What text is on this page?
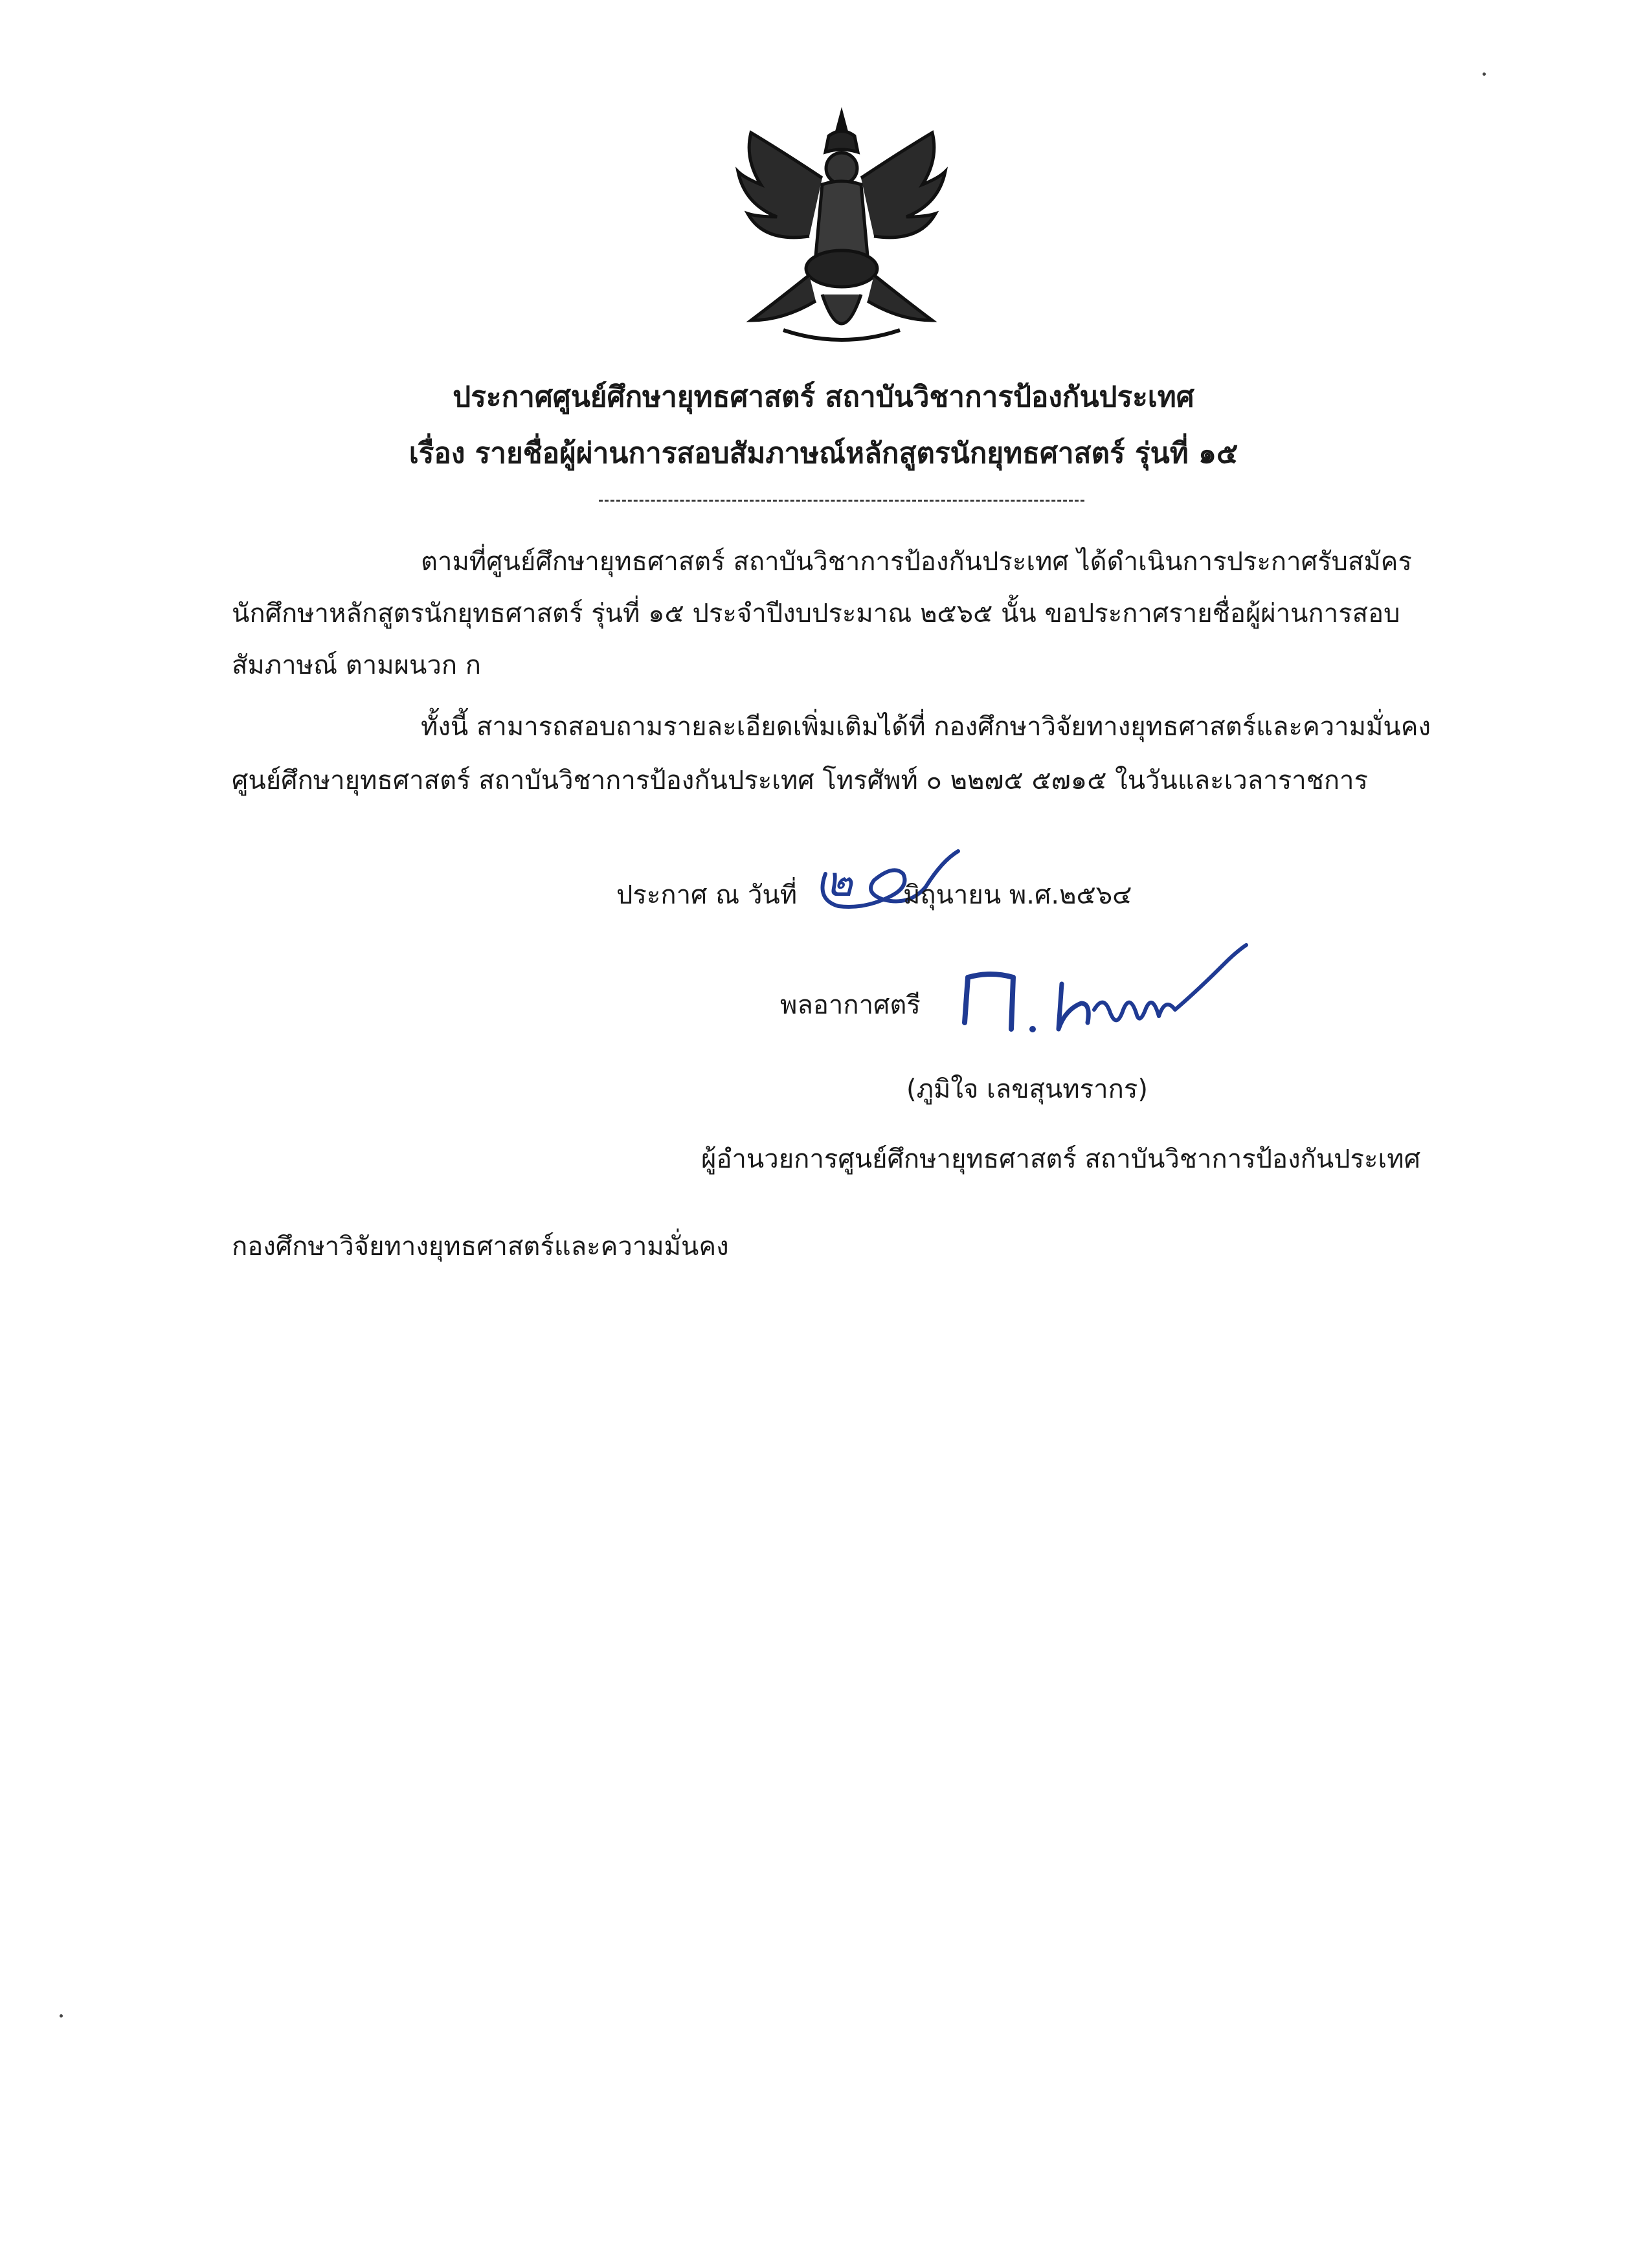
ประกาศศูนย์ศึกษายุทธศาสตร์ สถาบันวิชาการป้องกันประเทศ
เรื่อง รายชื่อผู้ผ่านการสอบสัมภาษณ์หลักสูตรนักยุทธศาสตร์ รุ่นที่ ๑๕
ตามที่ศูนย์ศึกษายุทธศาสตร์ สถาบันวิชาการป้องกันประเทศ ได้ดำเนินการประกาศรับสมัคร
นักศึกษาหลักสูตรนักยุทธศาสตร์ รุ่นที่ ๑๕ ประจำปีงบประมาณ ๒๕๖๕ นั้น ขอประกาศรายชื่อผู้ผ่านการสอบ
สัมภาษณ์ ตามผนวก ก
ทั้งนี้ สามารถสอบถามรายละเอียดเพิ่มเติมได้ที่ กองศึกษาวิจัยทางยุทธศาสตร์และความมั่นคง
ศูนย์ศึกษายุทธศาสตร์ สถาบันวิชาการป้องกันประเทศ โทรศัพท์ ๐ ๒๒๗๕ ๕๗๑๕ ในวันและเวลาราชการ
ประกาศ ณ วันที่ ๒ มิถุนายน พ.ศ.๒๕๖๔
พลอากาศตรี
(ภูมิใจ เลขสุนทรากร)
ผู้อำนวยการศูนย์ศึกษายุทธศาสตร์ สถาบันวิชาการป้องกันประเทศ
กองศึกษาวิจัยทางยุทธศาสตร์และความมั่นคง
